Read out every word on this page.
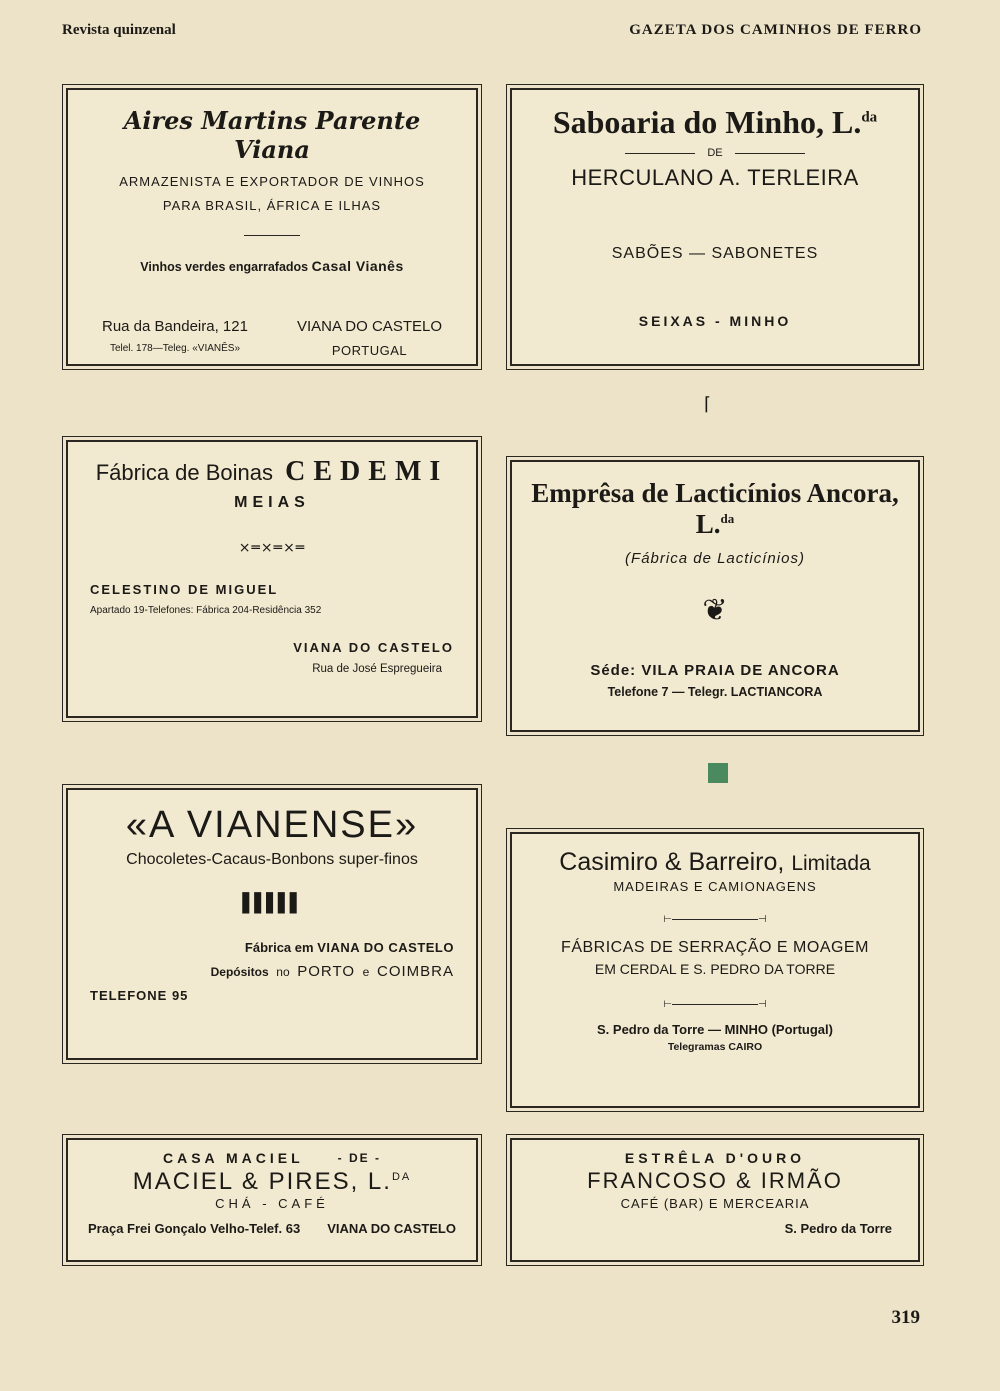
Revista quinzenal	GAZETA DOS CAMINHOS DE FERRO
Aires Martins Parente Viana
ARMAZENISTA E EXPORTADOR DE VINHOS
PARA BRASIL, ÁFRICA E ILHAS
Vinhos verdes engarrafados Casal Vianês
Rua da Bandeira, 121
Telel. 178—Teleg. «VIANÊS»
VIANA DO CASTELO
PORTUGAL
Saboaria do Minho, L.$^{da}$
DE
HERCULANO A. TERLEIRA
SABÕES — SABONETES
SEIXAS - MINHO
Fábrica de Boinas CEDEMI
MEIAS
⨯═⨯═⨯═
CELESTINO DE MIGUEL
Apartado 19-Telefones: Fábrica 204-Residência 352
VIANA DO CASTELO
Rua de José Espregueira
Emprêsa de Lacticínios Ancora, L.$^{da}$
(Fábrica de Lacticínios)
❦
Séde: VILA PRAIA DE ANCORA
Telefone 7 — Telegr. LACTIANCORA
«A VIANENSE»
Chocoletes-Cacaus-Bonbons super-finos
▌▌▌▌▌
Fábrica em VIANA DO CASTELO
Depósitos no PORTO e COIMBRA
TELEFONE 95
Casimiro & Barreiro, Limitada
MADEIRAS E CAMIONAGENS
⊢	⊣
FÁBRICAS DE SERRAÇÃO E MOAGEM
EM CERDAL E S. PEDRO DA TORRE
⊢	⊣
S. Pedro da Torre — MINHO (Portugal)
Telegramas CAIRO
CASA MACIEL	- DE -
MACIEL & PIRES, L.$^{DA}$
CHÁ - CAFÉ
Praça Frei Gonçalo Velho-Telef. 63 VIANA DO CASTELO
ESTRÊLA D'OURO
FRANCOSO & IRMÃO
CAFÉ (BAR) E MERCEARIA
S. Pedro da Torre
⌈
319
